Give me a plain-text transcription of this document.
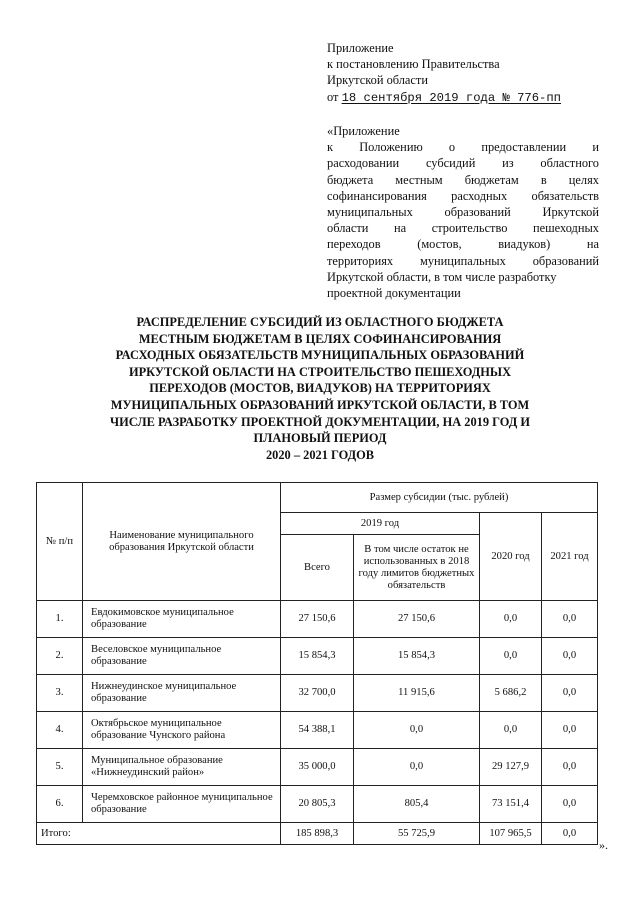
Приложение
к постановлению Правительства
Иркутской области
от 18 сентября 2019 года № 776-пп
«Приложение
к Положению о предоставлении и
расходовании субсидий из областного
бюджета местным бюджетам в целях
софинансирования расходных обязательств
муниципальных образований Иркутской
области на строительство пешеходных
переходов (мостов, виадуков) на
территориях муниципальных образований
Иркутской области, в том числе разработку
проектной документации
РАСПРЕДЕЛЕНИЕ СУБСИДИЙ ИЗ ОБЛАСТНОГО БЮДЖЕТА
МЕСТНЫМ БЮДЖЕТАМ В ЦЕЛЯХ СОФИНАНСИРОВАНИЯ
РАСХОДНЫХ ОБЯЗАТЕЛЬСТВ МУНИЦИПАЛЬНЫХ ОБРАЗОВАНИЙ
ИРКУТСКОЙ ОБЛАСТИ НА СТРОИТЕЛЬСТВО ПЕШЕХОДНЫХ
ПЕРЕХОДОВ (МОСТОВ, ВИАДУКОВ) НА ТЕРРИТОРИЯХ
МУНИЦИПАЛЬНЫХ ОБРАЗОВАНИЙ ИРКУТСКОЙ ОБЛАСТИ, В ТОМ
ЧИСЛЕ РАЗРАБОТКУ ПРОЕКТНОЙ ДОКУМЕНТАЦИИ, НА 2019 ГОД И
ПЛАНОВЫЙ ПЕРИОД
2020 – 2021 ГОДОВ
№ п/п	Наименование муниципального образования Иркутской области	Размер субсидии (тыс. рублей)			
		2019 год		2020 год	2021 год
		Всего	В том числе остаток не использованных в 2018 году лимитов бюджетных обязательств		
1.	Евдокимовское муниципальное образование	27 150,6	27 150,6	0,0	0,0
2.	Веселовское муниципальное образование	15 854,3	15 854,3	0,0	0,0
3.	Нижнеудинское муниципальное образование	32 700,0	11 915,6	5 686,2	0,0
4.	Октябрьское муниципальное образование Чунского района	54 388,1	0,0	0,0	0,0
5.	Муниципальное образование «Нижнеудинский район»	35 000,0	0,0	29 127,9	0,0
6.	Черемховское районное муниципальное образование	20 805,3	805,4	73 151,4	0,0
Итого:		185 898,3	55 725,9	107 965,5	0,0
».
